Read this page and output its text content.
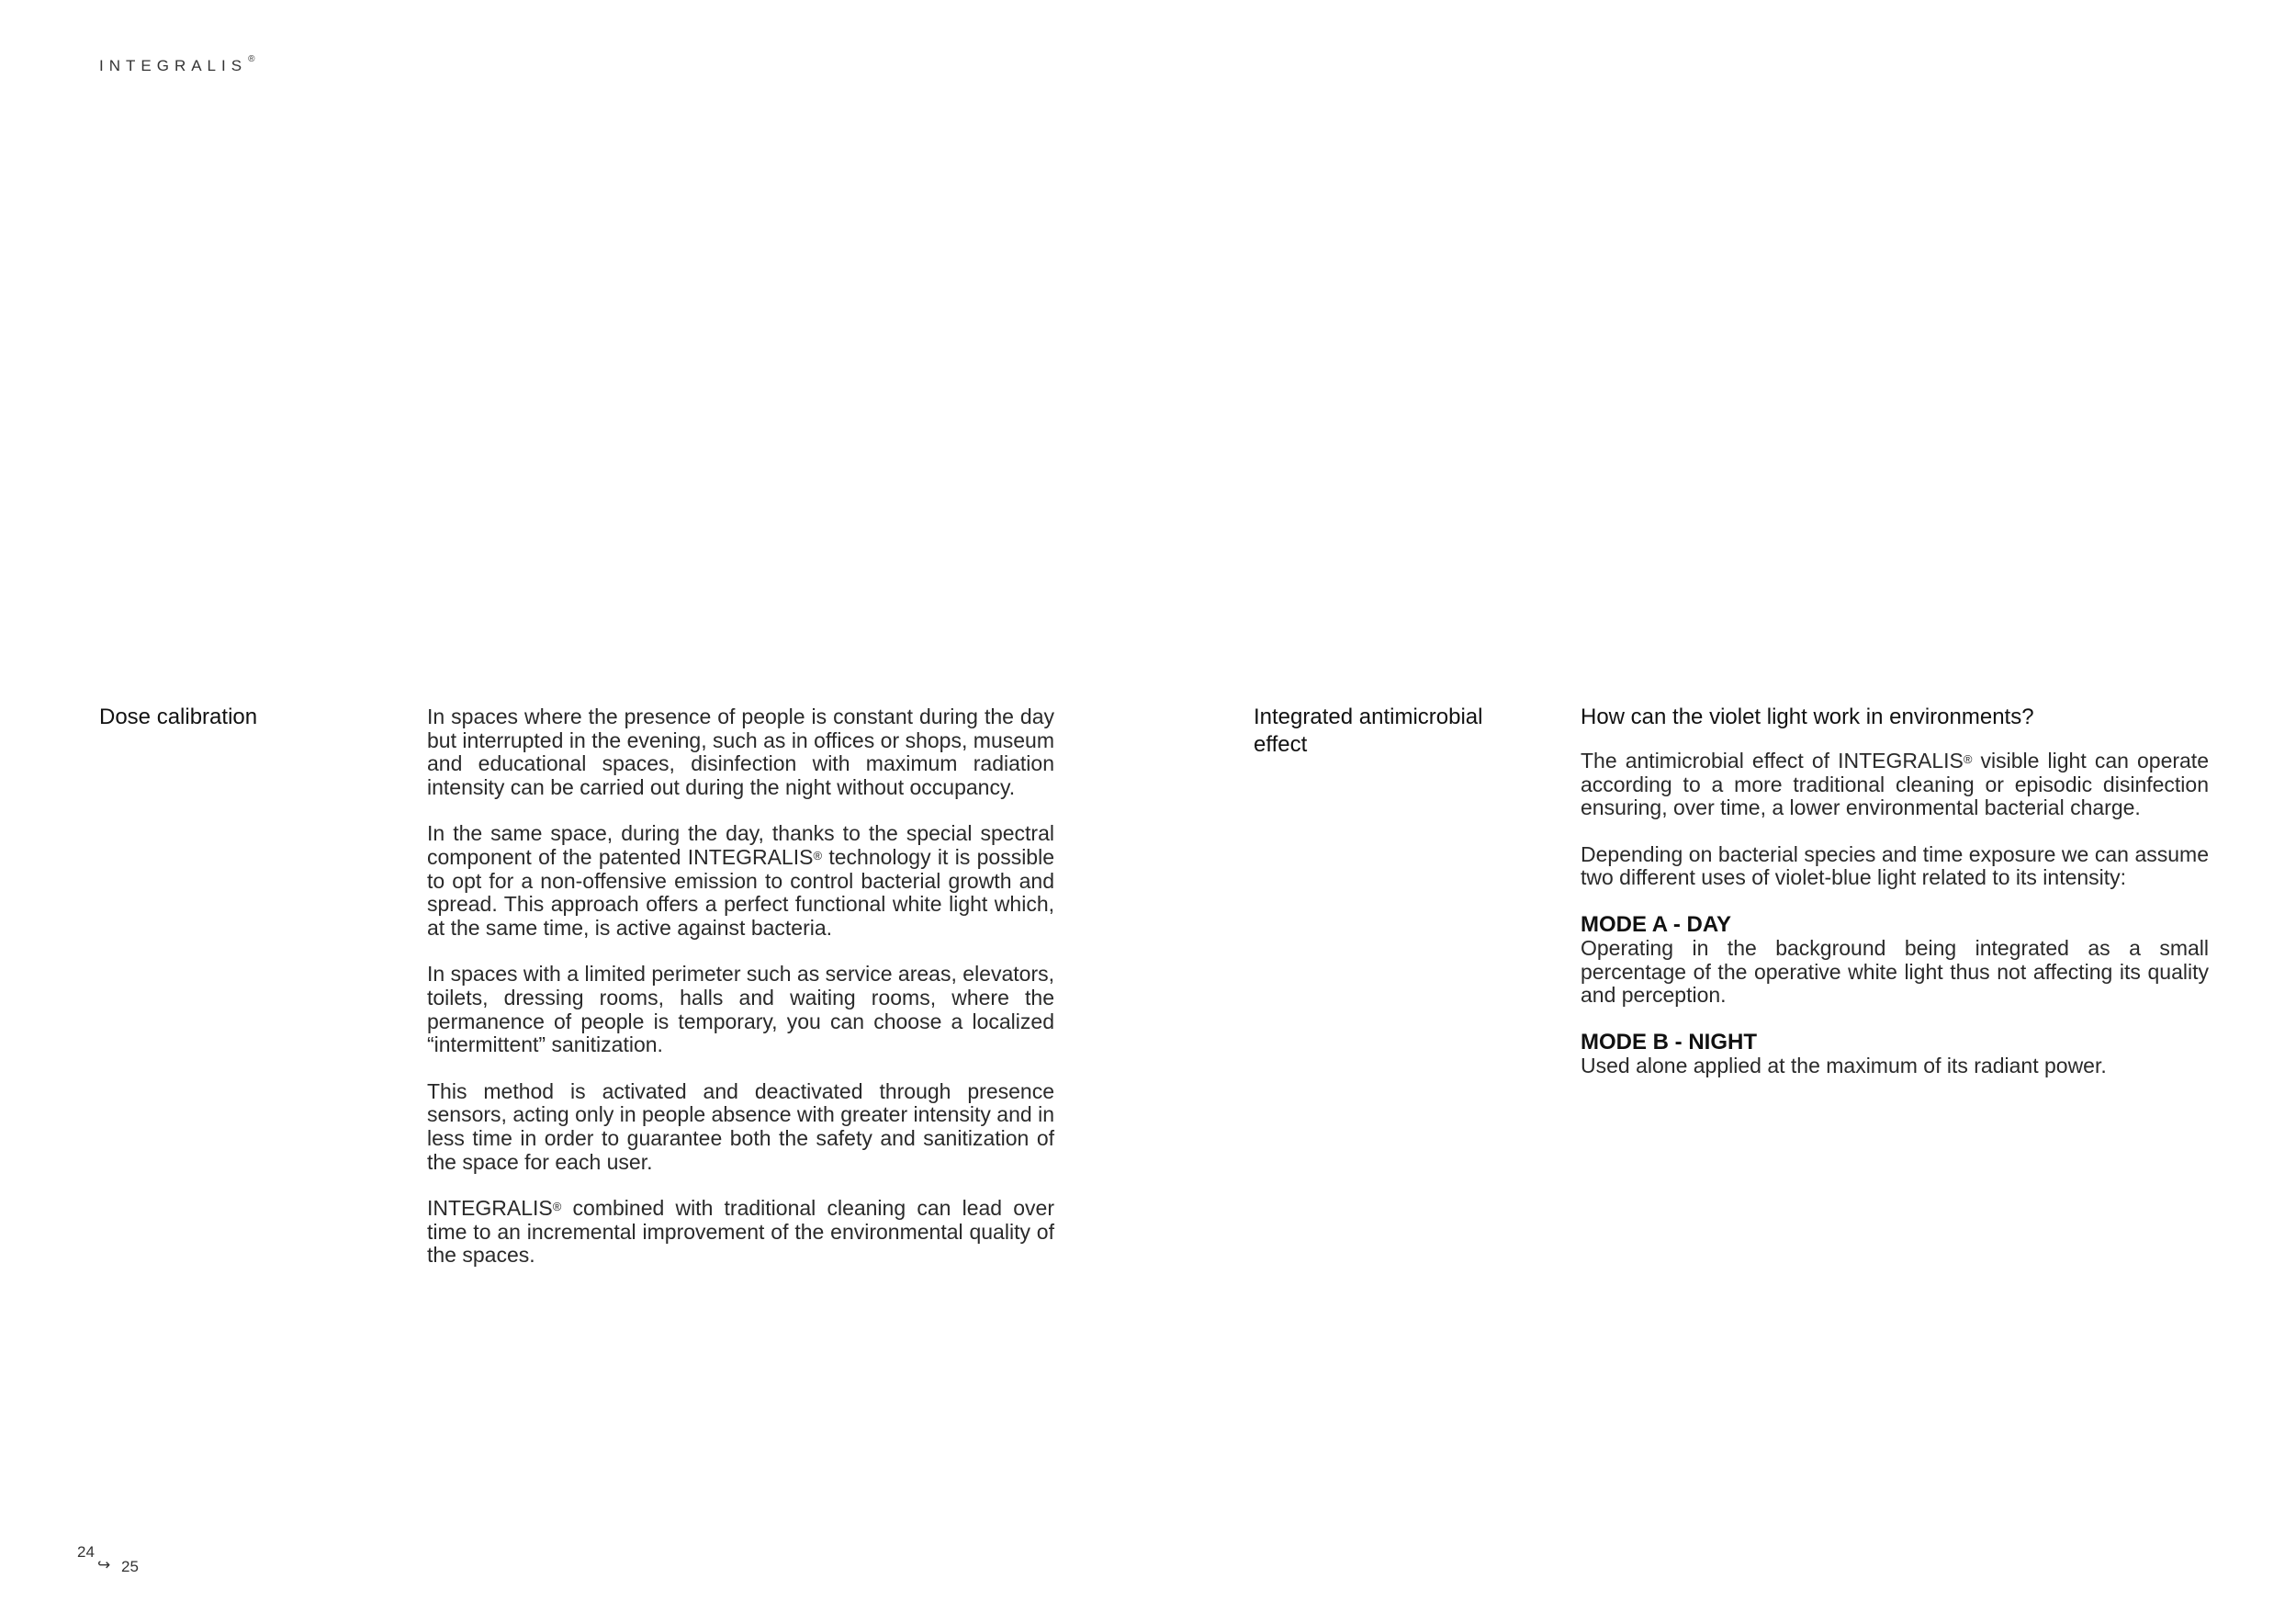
INTEGRALIS®
Dose calibration	In spaces where the presence of people is constant during the day but interrupted in the evening, such as in offices or shops, museum and educational spaces, disinfection with maximum radiation intensity can be carried out during the night without occupancy.

In the same space, during the day, thanks to the special spectral component of the patented INTEGRALIS® technology it is possible to opt for a non-offensive emission to control bacterial growth and spread. This approach offers a perfect functional white light which, at the same time, is active against bacteria.

In spaces with a limited perimeter such as service areas, elevators, toilets, dressing rooms, halls and waiting rooms, where the permanence of people is temporary, you can choose a localized “intermittent” sanitization.

This method is activated and deactivated through presence sensors, acting only in people absence with greater intensity and in less time in order to guarantee both the safety and sanitization of the space for each user.

INTEGRALIS® combined with traditional cleaning can lead over time to an incremental improvement of the environmental quality of the spaces.

Integrated antimicrobial effect

How can the violet light work in environments?

The antimicrobial effect of INTEGRALIS® visible light can operate according to a more traditional cleaning or episodic disinfection ensuring, over time, a lower environmental bacterial charge.

Depending on bacterial species and time exposure we can assume two different uses of violet-blue light related to its intensity:

MODE A - DAY

Operating in the background being integrated as a small percentage of the operative white light thus not affecting its quality and perception.

MODE B - NIGHT

Used alone applied at the maximum of its radiant power.

24
↪ 25
